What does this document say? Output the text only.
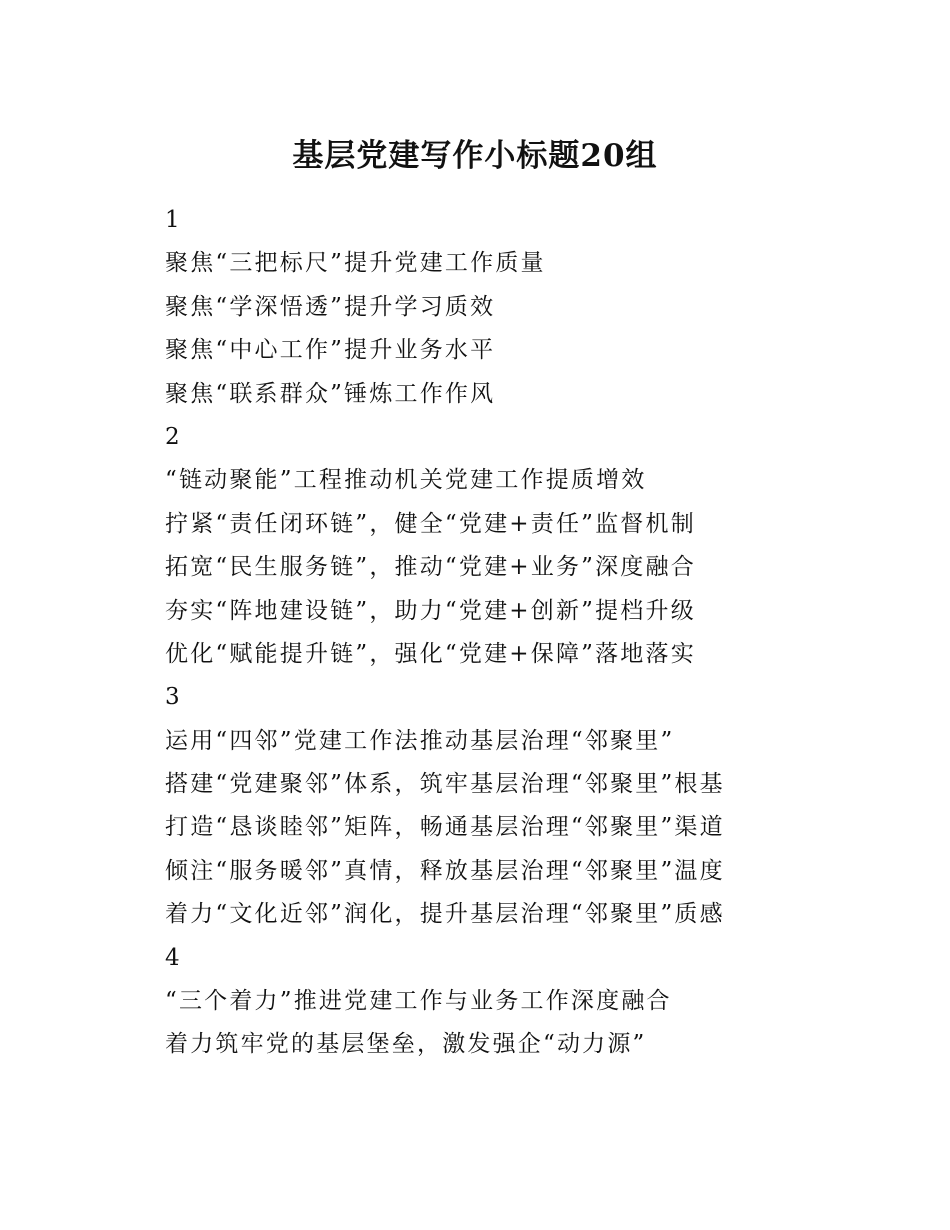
基层党建写作小标题20组
1
聚焦“三把标尺”提升党建工作质量
聚焦“学深悟透”提升学习质效
聚焦“中心工作”提升业务水平
聚焦“联系群众”锤炼工作作风
2
“链动聚能”工程推动机关党建工作提质增效
拧紧“责任闭环链”，健全“党建+责任”监督机制
拓宽“民生服务链”，推动“党建+业务”深度融合
夯实“阵地建设链”，助力“党建+创新”提档升级
优化“赋能提升链”，强化“党建+保障”落地落实
3
运用“四邻”党建工作法推动基层治理“邻聚里”
搭建“党建聚邻”体系，筑牢基层治理“邻聚里”根基
打造“恳谈睦邻”矩阵，畅通基层治理“邻聚里”渠道
倾注“服务暖邻”真情，释放基层治理“邻聚里”温度
着力“文化近邻”润化，提升基层治理“邻聚里”质感
4
“三个着力”推进党建工作与业务工作深度融合
着力筑牢党的基层堡垒，激发强企“动力源”
